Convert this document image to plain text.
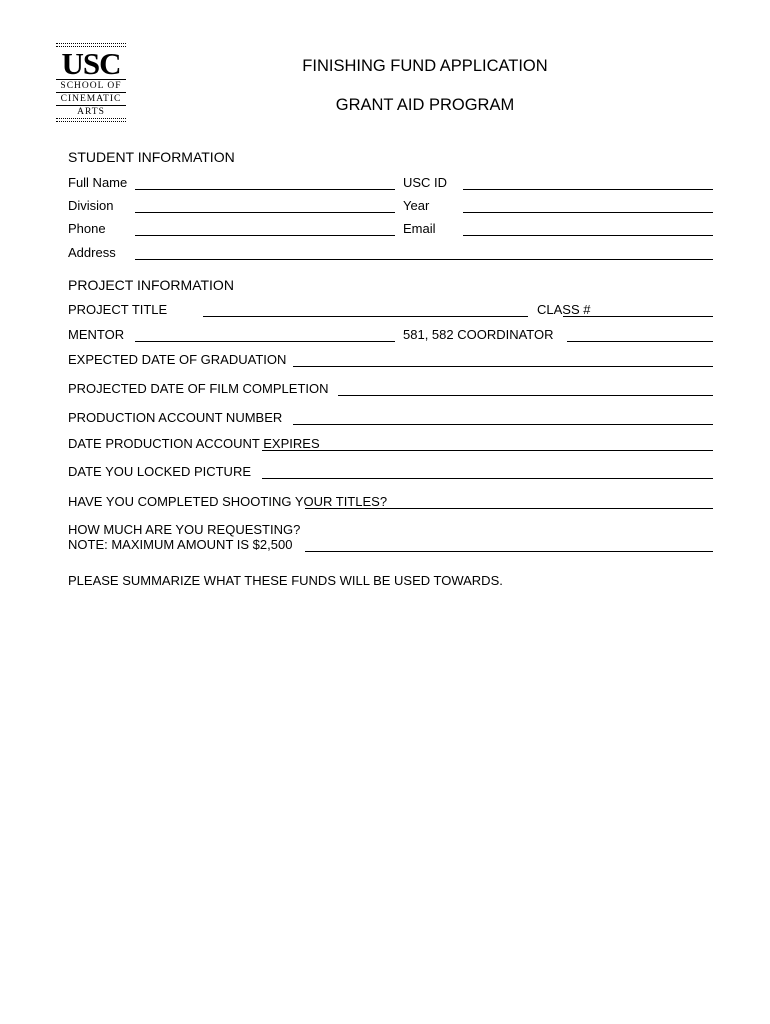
USC
SCHOOL OF
CINEMATIC
ARTS
FINISHING FUND APPLICATION
GRANT AID PROGRAM
STUDENT INFORMATION
Full Name	USC ID
Division	Year
Phone	Email
Address
PROJECT INFORMATION
PROJECT TITLE	CLASS #
MENTOR	581, 582 COORDINATOR
EXPECTED DATE OF GRADUATION
PROJECTED DATE OF FILM COMPLETION
PRODUCTION ACCOUNT NUMBER
DATE PRODUCTION ACCOUNT EXPIRES
DATE YOU LOCKED PICTURE
HAVE YOU COMPLETED SHOOTING YOUR TITLES?
HOW MUCH ARE YOU REQUESTING?
NOTE: MAXIMUM AMOUNT IS $2,500
PLEASE SUMMARIZE WHAT THESE FUNDS WILL BE USED TOWARDS.
